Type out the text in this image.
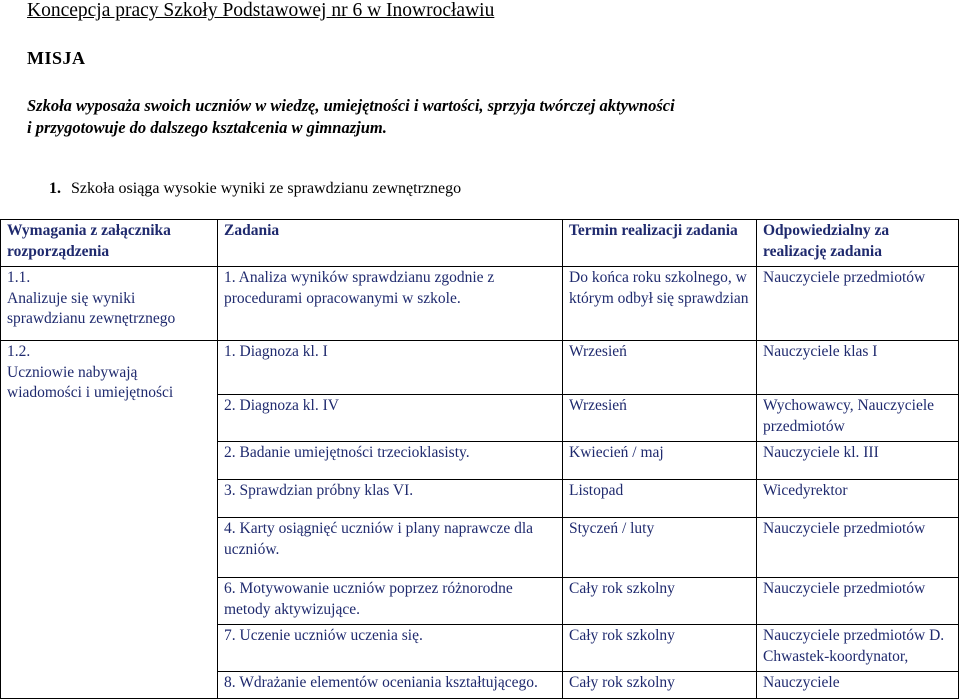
Koncepcja pracy Szkoły Podstawowej nr 6 w Inowrocławiu
MISJA
Szkoła wyposaża swoich uczniów w wiedzę, umiejętności i wartości, sprzyja twórczej aktywności
i przygotowuje do dalszego kształcenia w gimnazjum.
1. Szkoła osiąga wysokie wyniki ze sprawdzianu zewnętrznego
Wymagania z załącznika rozporządzenia	Zadania	Termin realizacji zadania	Odpowiedzialny za realizację zadania

1.1.
Analizuje się wyniki sprawdzianu zewnętrznego	1. Analiza wyników sprawdzianu zgodnie z procedurami opracowanymi w szkole.	Do końca roku szkolnego, w którym odbył się sprawdzian	Nauczyciele przedmiotów

1.2.
Uczniowie nabywają wiadomości i umiejętności	1. Diagnoza kl. I	Wrzesień	Nauczyciele klas I
	2. Diagnoza kl. IV	Wrzesień	Wychowawcy, Nauczyciele przedmiotów
	2. Badanie umiejętności trzecioklasisty.	Kwiecień / maj	Nauczyciele kl. III
	3. Sprawdzian próbny klas VI.	Listopad	Wicedyrektor
	4. Karty osiągnięć uczniów i plany naprawcze dla uczniów.	Styczeń / luty	Nauczyciele przedmiotów
	6. Motywowanie uczniów poprzez różnorodne metody aktywizujące.	Cały rok szkolny	Nauczyciele przedmiotów
	7. Uczenie uczniów uczenia się.	Cały rok szkolny	Nauczyciele przedmiotów D. Chwastek-koordynator,
	8. Wdrażanie elementów oceniania kształtującego.	Cały rok szkolny	Nauczyciele
